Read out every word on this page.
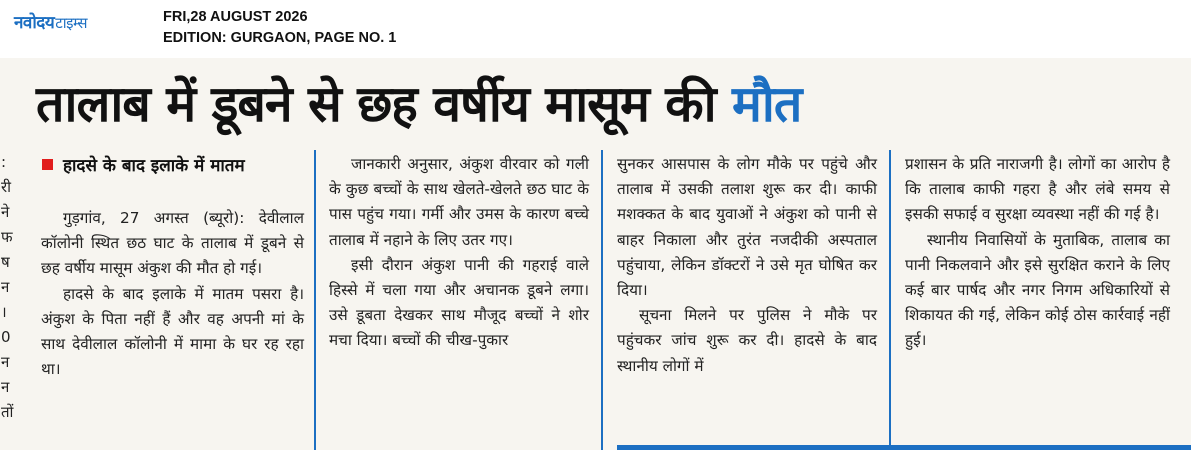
नवोदयटाइम्स	FRI,28 AUGUST 2026
EDITION: GURGAON, PAGE NO. 1
:
री
ने
फ
ष
न
।
0
न
न
तों
तालाब में डूबने से छह वर्षीय मासूम की मौत
हादसे के बाद इलाके में मातम

गुड़गांव, 27 अगस्त (ब्यूरो): देवीलाल कॉलोनी स्थित छठ घाट के तालाब में डूबने से छह वर्षीय मासूम अंकुश की मौत हो गई।

हादसे के बाद इलाके में मातम पसरा है। अंकुश के पिता नहीं हैं और वह अपनी मां के साथ देवीलाल कॉलोनी में मामा के घर रह रहा था।

जानकारी अनुसार, अंकुश वीरवार को गली के कुछ बच्चों के साथ खेलते-खेलते छठ घाट के पास पहुंच गया। गर्मी और उमस के कारण बच्चे तालाब में नहाने के लिए उतर गए।

इसी दौरान अंकुश पानी की गहराई वाले हिस्से में चला गया और अचानक डूबने लगा। उसे डूबता देखकर साथ मौजूद बच्चों ने शोर मचा दिया। बच्चों की चीख-पुकार

सुनकर आसपास के लोग मौके पर पहुंचे और तालाब में उसकी तलाश शुरू कर दी। काफी मशक्कत के बाद युवाओं ने अंकुश को पानी से बाहर निकाला और तुरंत नजदीकी अस्पताल पहुंचाया, लेकिन डॉक्टरों ने उसे मृत घोषित कर दिया।

सूचना मिलने पर पुलिस ने मौके पर पहुंचकर जांच शुरू कर दी। हादसे के बाद स्थानीय लोगों में

प्रशासन के प्रति नाराजगी है। लोगों का आरोप है कि तालाब काफी गहरा है और लंबे समय से इसकी सफाई व सुरक्षा व्यवस्था नहीं की गई है।

स्थानीय निवासियों के मुताबिक, तालाब का पानी निकलवाने और इसे सुरक्षित कराने के लिए कई बार पार्षद और नगर निगम अधिकारियों से शिकायत की गई, लेकिन कोई ठोस कार्रवाई नहीं हुई।
